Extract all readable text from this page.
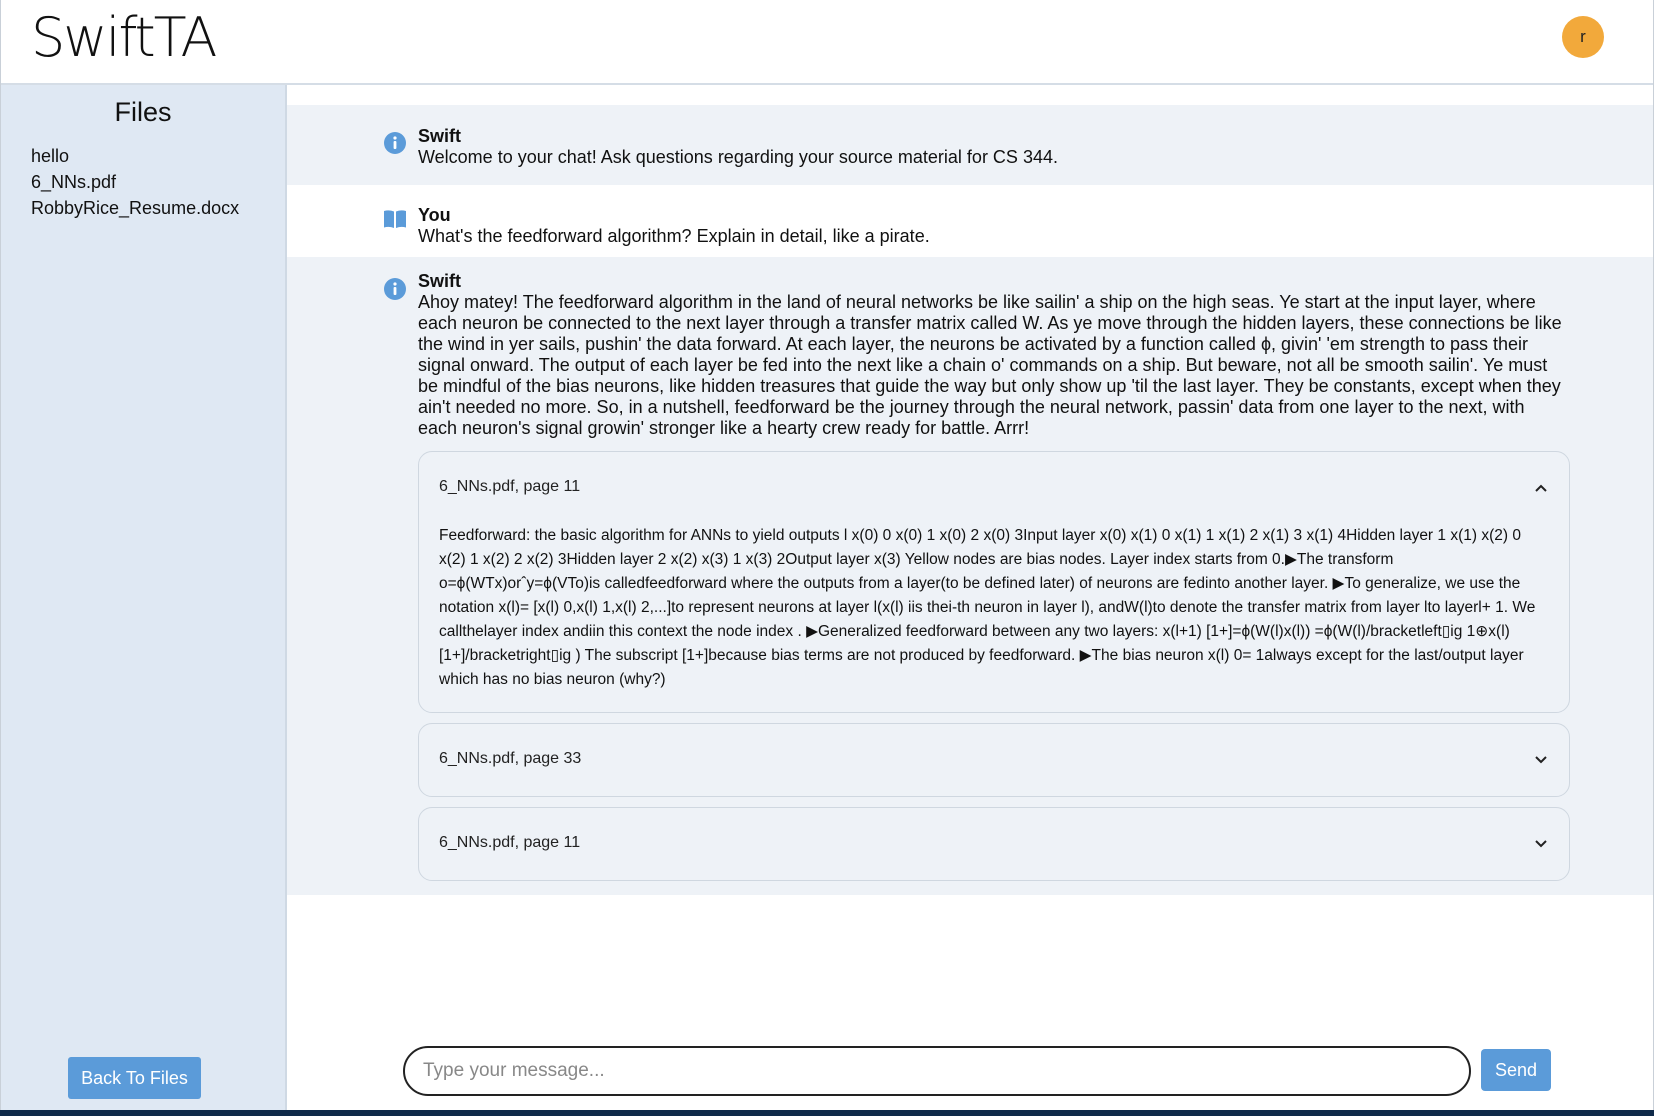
SwiftTA	r
Files
hello
6_NNs.pdf
RobbyRice_Resume.docx
Back To Files
Swift
Welcome to your chat! Ask questions regarding your source material for CS 344.
You
What's the feedforward algorithm? Explain in detail, like a pirate.
Swift
Ahoy matey! The feedforward algorithm in the land of neural networks be like sailin' a ship on the high seas. Ye start at the input layer, where each neuron be connected to the next layer through a transfer matrix called W. As ye move through the hidden layers, these connections be like the wind in yer sails, pushin' the data forward. At each layer, the neurons be activated by a function called ϕ, givin' 'em strength to pass their signal onward. The output of each layer be fed into the next like a chain o' commands on a ship. But beware, not all be smooth sailin'. Ye must be mindful of the bias neurons, like hidden treasures that guide the way but only show up 'til the last layer. They be constants, except when they ain't needed no more. So, in a nutshell, feedforward be the journey through the neural network, passin' data from one layer to the next, with each neuron's signal growin' stronger like a hearty crew ready for battle. Arrr!
6_NNs.pdf, page 11
Feedforward: the basic algorithm for ANNs to yield outputs l x(0) 0 x(0) 1 x(0) 2 x(0) 3Input layer x(0) x(1) 0 x(1) 1 x(1) 2 x(1) 3 x(1) 4Hidden layer 1 x(1) x(2) 0 x(2) 1 x(2) 2 x(2) 3Hidden layer 2 x(2) x(3) 1 x(3) 2Output layer x(3) Yellow nodes are bias nodes. Layer index starts from 0.▶The transform o=ϕ(WTx)orˆy=ϕ(VTo)is calledfeedforward where the outputs from a layer(to be defined later) of neurons are fedinto another layer. ▶To generalize, we use the notation x(l)= [x(l) 0,x(l) 1,x(l) 2,...]to represent neurons at layer l(x(l) iis thei-th neuron in layer l), andW(l)to denote the transfer matrix from layer lto layerl+ 1. We callthelayer index andiin this context the node index . ▶Generalized feedforward between any two layers: x(l+1) [1+]=ϕ(W(l)x(l)) =ϕ(W(l)/bracketleft▯ig 1⊕x(l) [1+]/bracketright▯ig ) The subscript [1+]because bias terms are not produced by feedforward. ▶The bias neuron x(l) 0= 1always except for the last/output layer which has no bias neuron (why?)
6_NNs.pdf, page 33
6_NNs.pdf, page 11
Type your message...
Send
